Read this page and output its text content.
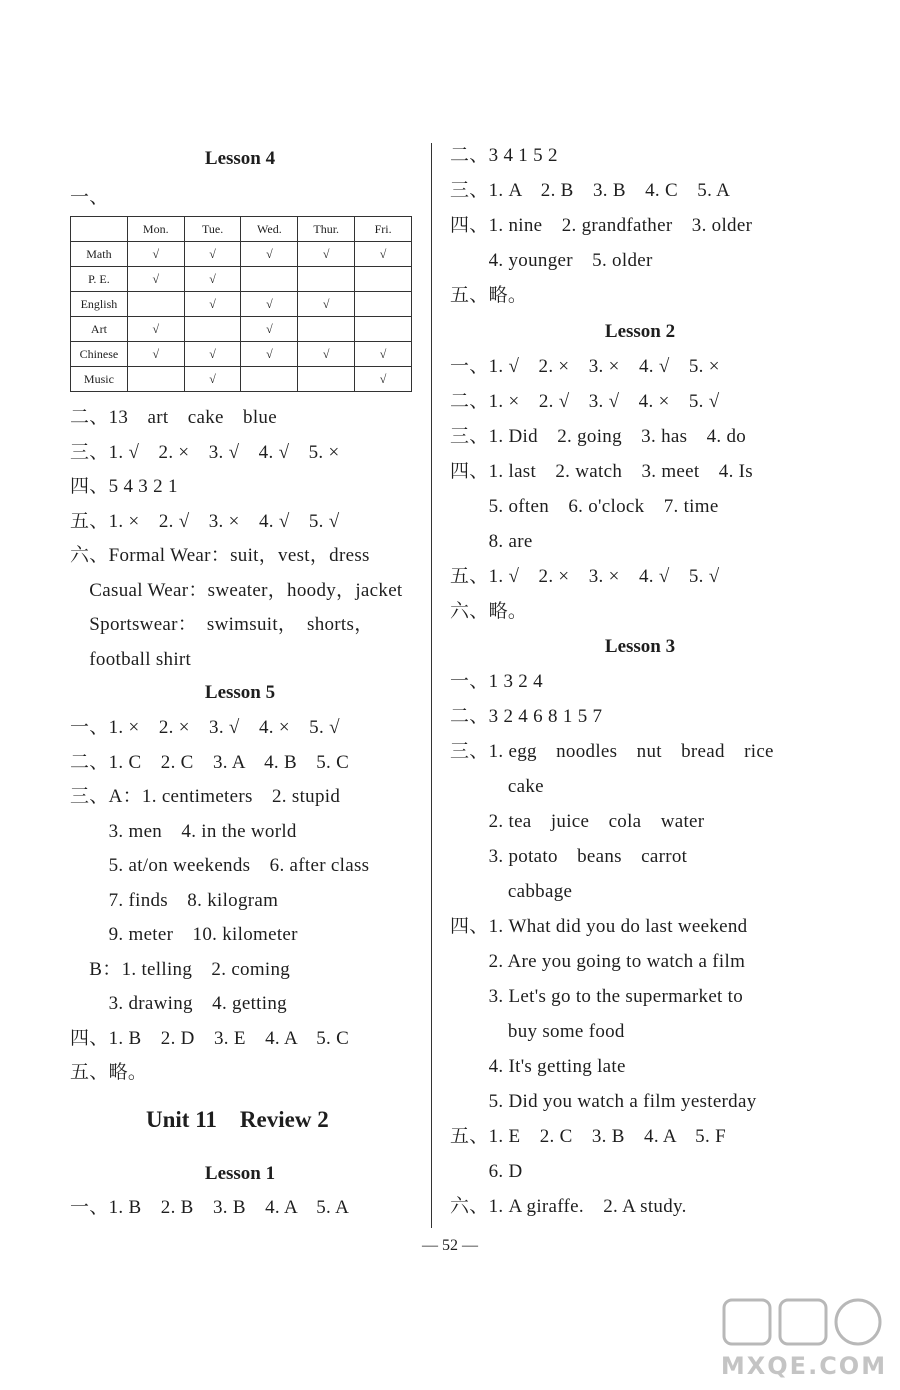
Lesson 4
一、
二、13　art　cake　blue
三、1. √　2. ×　3. √　4. √　5. ×
四、5 4 3 2 1
五、1. ×　2. √　3. ×　4. √　5. √
六、Formal Wear：suit，vest，dress
　Casual Wear：sweater，hoody，jacket
　Sportswear：　swimsuit，　shorts，
　football shirt
Lesson 5
一、1. ×　2. ×　3. √　4. ×　5. √
二、1. C　2. C　3. A　4. B　5. C
三、A：1. centimeters　2. stupid
　　3. men　4. in the world
　　5. at/on weekends　6. after class
　　7. finds　8. kilogram
　　9. meter　10. kilometer
　B：1. telling　2. coming
　　3. drawing　4. getting
四、1. B　2. D　3. E　4. A　5. C
五、略。
Unit 11　Review 2
Lesson 1
一、1. B　2. B　3. B　4. A　5. A
	Mon.	Tue.	Wed.	Thur.	Fri.
Math	√	√	√	√	√
P. E.	√	√			
English		√	√	√	
Art	√		√		
Chinese	√	√	√	√	√
Music		√			√
二、3 4 1 5 2
三、1. A　2. B　3. B　4. C　5. A
四、1. nine　2. grandfather　3. older
　　4. younger　5. older
五、略。
Lesson 2
一、1. √　2. ×　3. ×　4. √　5. ×
二、1. ×　2. √　3. √　4. ×　5. √
三、1. Did　2. going　3. has　4. do
四、1. last　2. watch　3. meet　4. Is
　　5. often　6. o'clock　7. time
　　8. are
五、1. √　2. ×　3. ×　4. √　5. √
六、略。
Lesson 3
一、1 3 2 4
二、3 2 4 6 8 1 5 7
三、1. egg　noodles　nut　bread　rice
　　　cake
　　2. tea　juice　cola　water
　　3. potato　beans　carrot
　　　cabbage
四、1. What did you do last weekend
　　2. Are you going to watch a film
　　3. Let's go to the supermarket to
　　　buy some food
　　4. It's getting late
　　5. Did you watch a film yesterday
五、1. E　2. C　3. B　4. A　5. F
　　6. D
六、1. A giraffe.　2. A study.
— 52 —
MXQE.COM
